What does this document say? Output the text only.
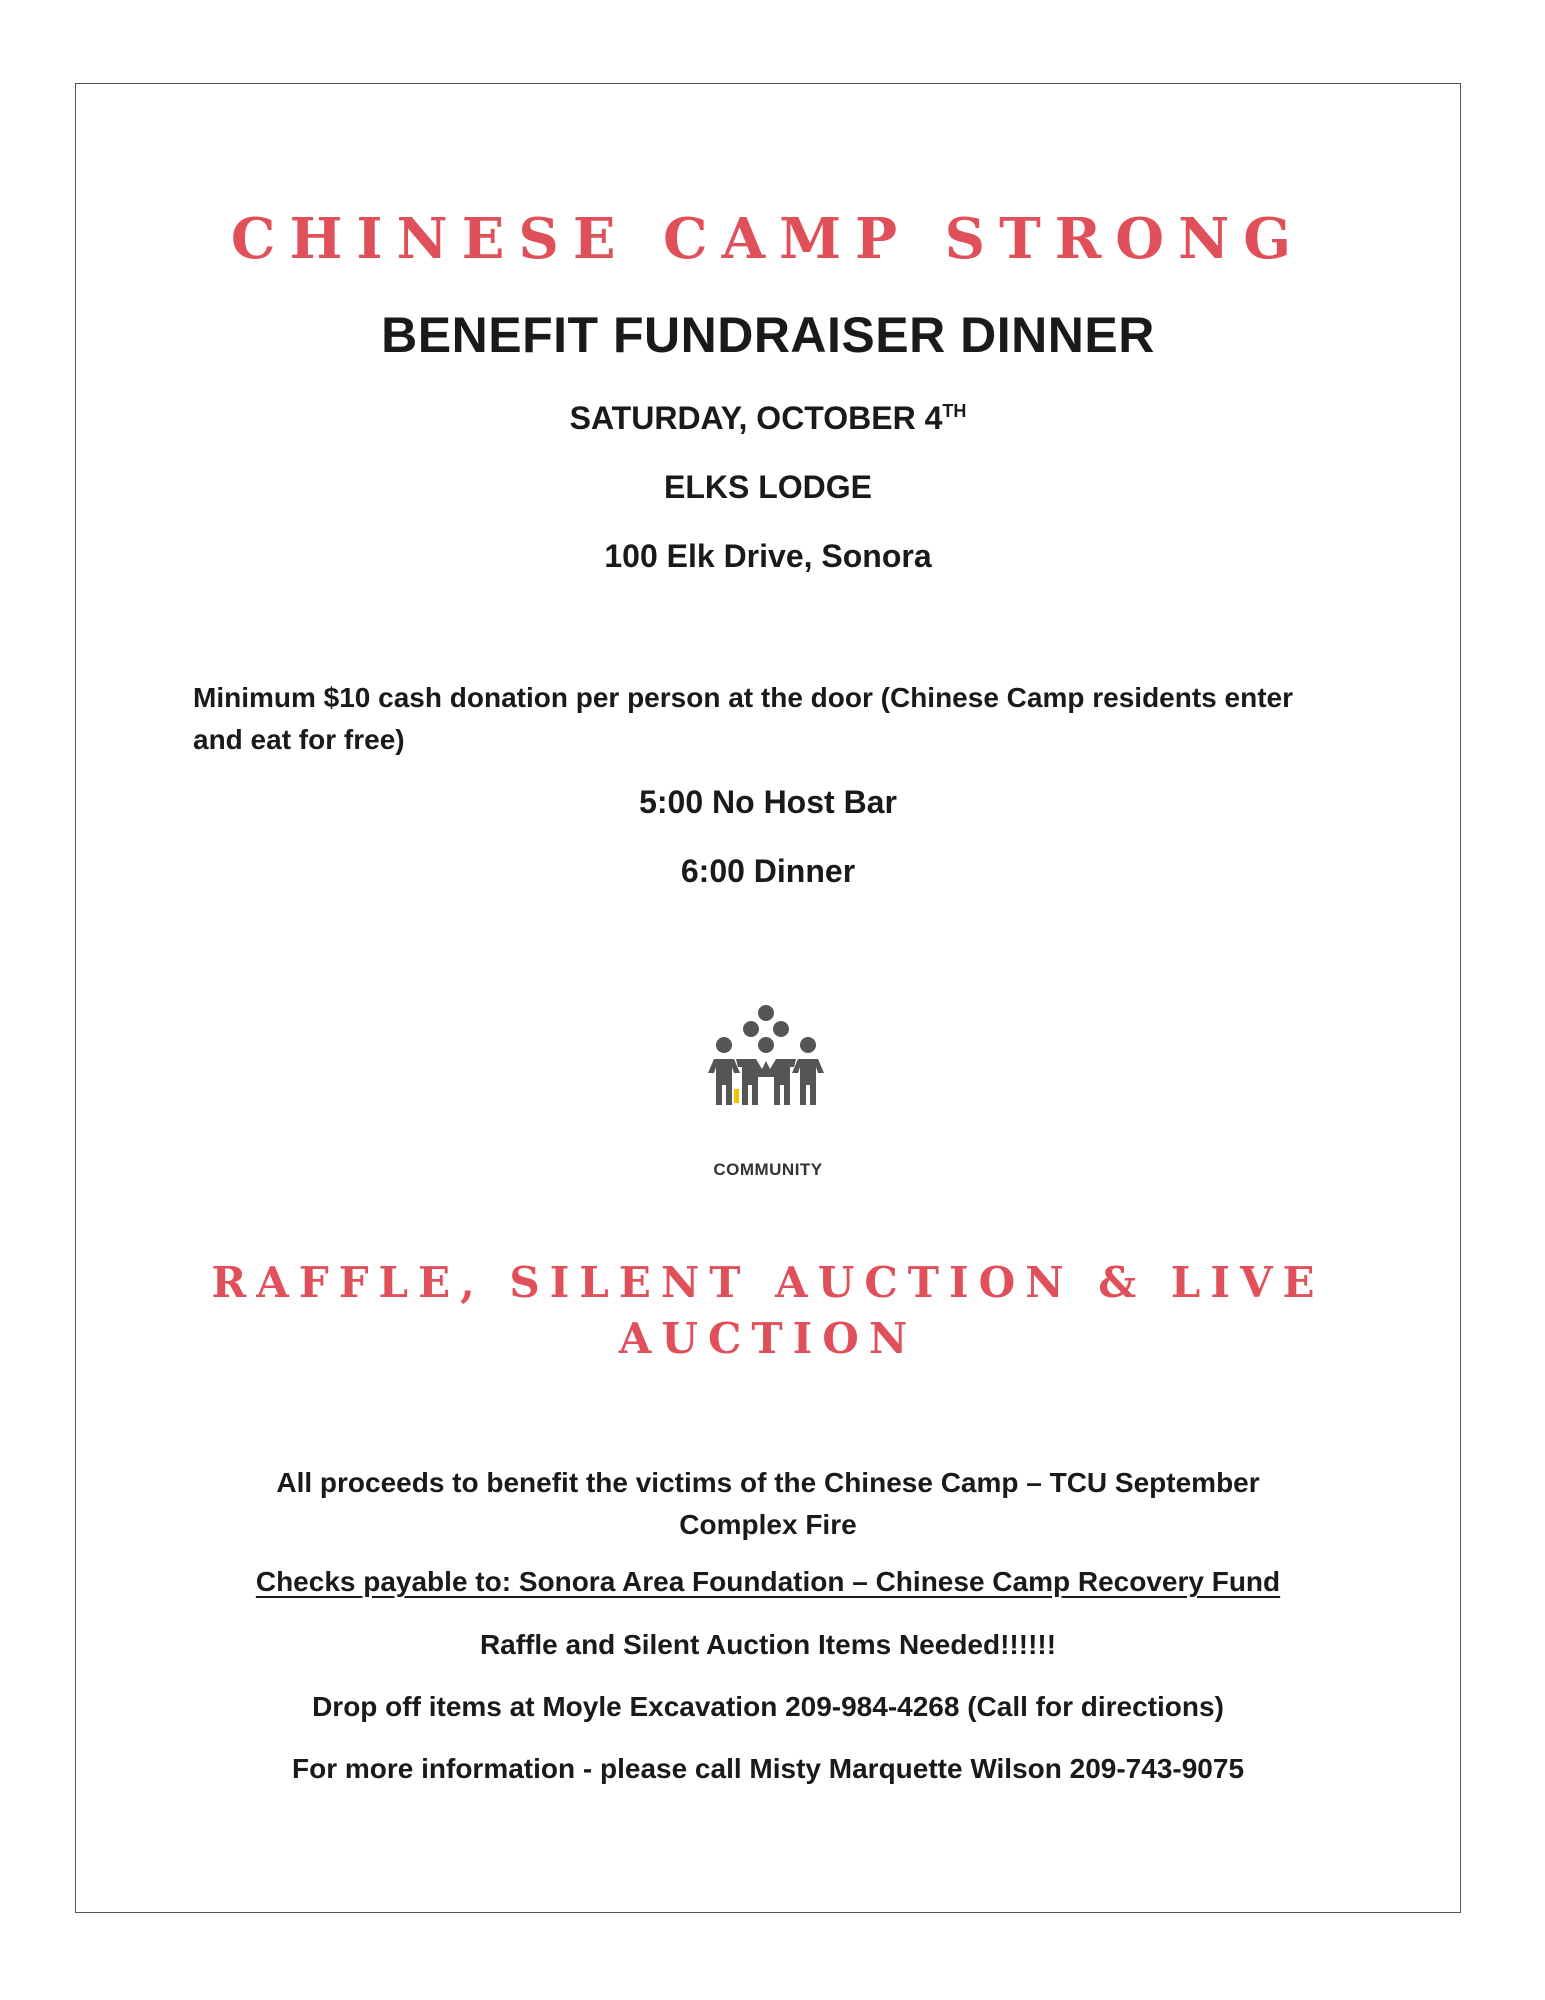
CHINESE CAMP STRONG
BENEFIT FUNDRAISER DINNER
SATURDAY, OCTOBER 4TH
ELKS LODGE
100 Elk Drive, Sonora
Minimum $10 cash donation per person at the door (Chinese Camp residents enter and eat for free)
5:00 No Host Bar
6:00 Dinner
COMMUNITY
RAFFLE, SILENT AUCTION & LIVE
AUCTION
All proceeds to benefit the victims of the Chinese Camp – TCU September Complex Fire
Checks payable to: Sonora Area Foundation – Chinese Camp Recovery Fund
Raffle and Silent Auction Items Needed!!!!!!
Drop off items at Moyle Excavation 209-984-4268 (Call for directions)
For more information - please call Misty Marquette Wilson 209-743-9075
